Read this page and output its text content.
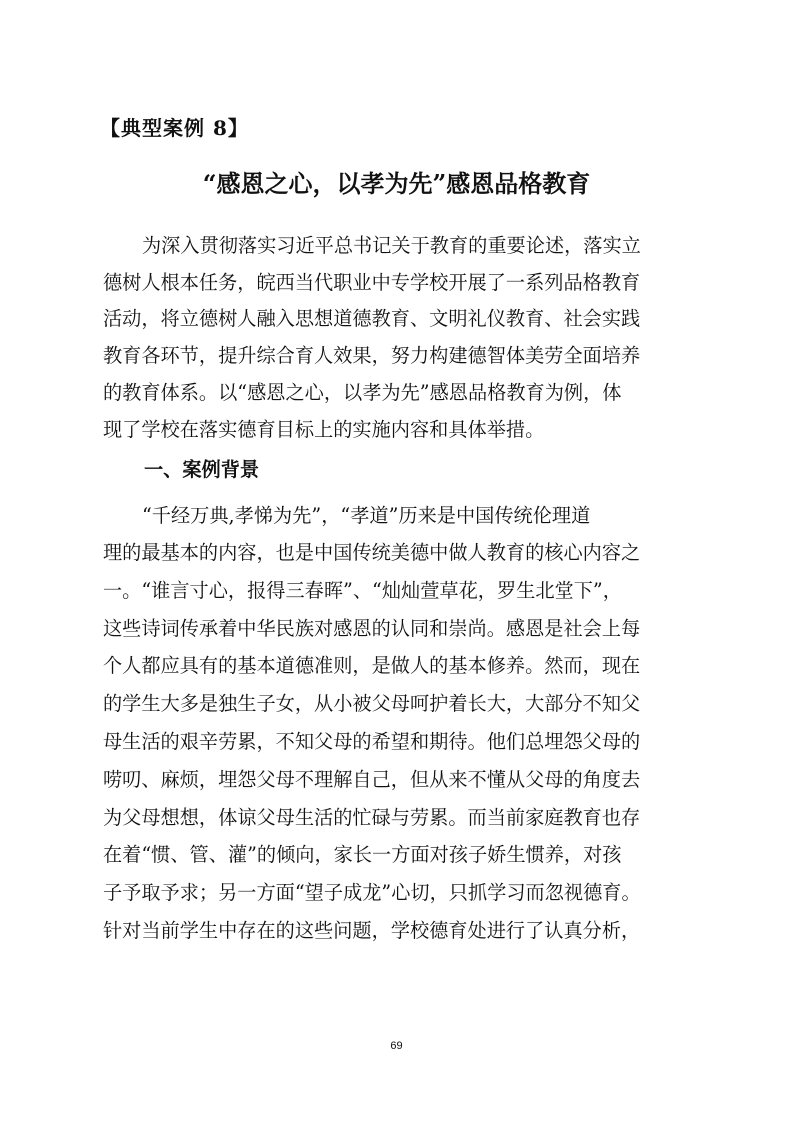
【典型案例 8】
“感恩之心，以孝为先”感恩品格教育
为深入贯彻落实习近平总书记关于教育的重要论述，落实立
德树人根本任务，皖西当代职业中专学校开展了一系列品格教育
活动，将立德树人融入思想道德教育、文明礼仪教育、社会实践
教育各环节，提升综合育人效果，努力构建德智体美劳全面培养
的教育体系。以“感恩之心，以孝为先”感恩品格教育为例，体
现了学校在落实德育目标上的实施内容和具体举措。
一、案例背景
“千经万典,孝悌为先”，“孝道”历来是中国传统伦理道
理的最基本的内容，也是中国传统美德中做人教育的核心内容之
一。“谁言寸心，报得三春晖”、“灿灿萱草花，罗生北堂下”，
这些诗词传承着中华民族对感恩的认同和崇尚。感恩是社会上每
个人都应具有的基本道德准则，是做人的基本修养。然而，现在
的学生大多是独生子女，从小被父母呵护着长大，大部分不知父
母生活的艰辛劳累，不知父母的希望和期待。他们总埋怨父母的
唠叨、麻烦，埋怨父母不理解自己，但从来不懂从父母的角度去
为父母想想，体谅父母生活的忙碌与劳累。而当前家庭教育也存
在着“惯、管、灌”的倾向，家长一方面对孩子娇生惯养，对孩
子予取予求；另一方面“望子成龙”心切，只抓学习而忽视德育。
针对当前学生中存在的这些问题，学校德育处进行了认真分析，
69
